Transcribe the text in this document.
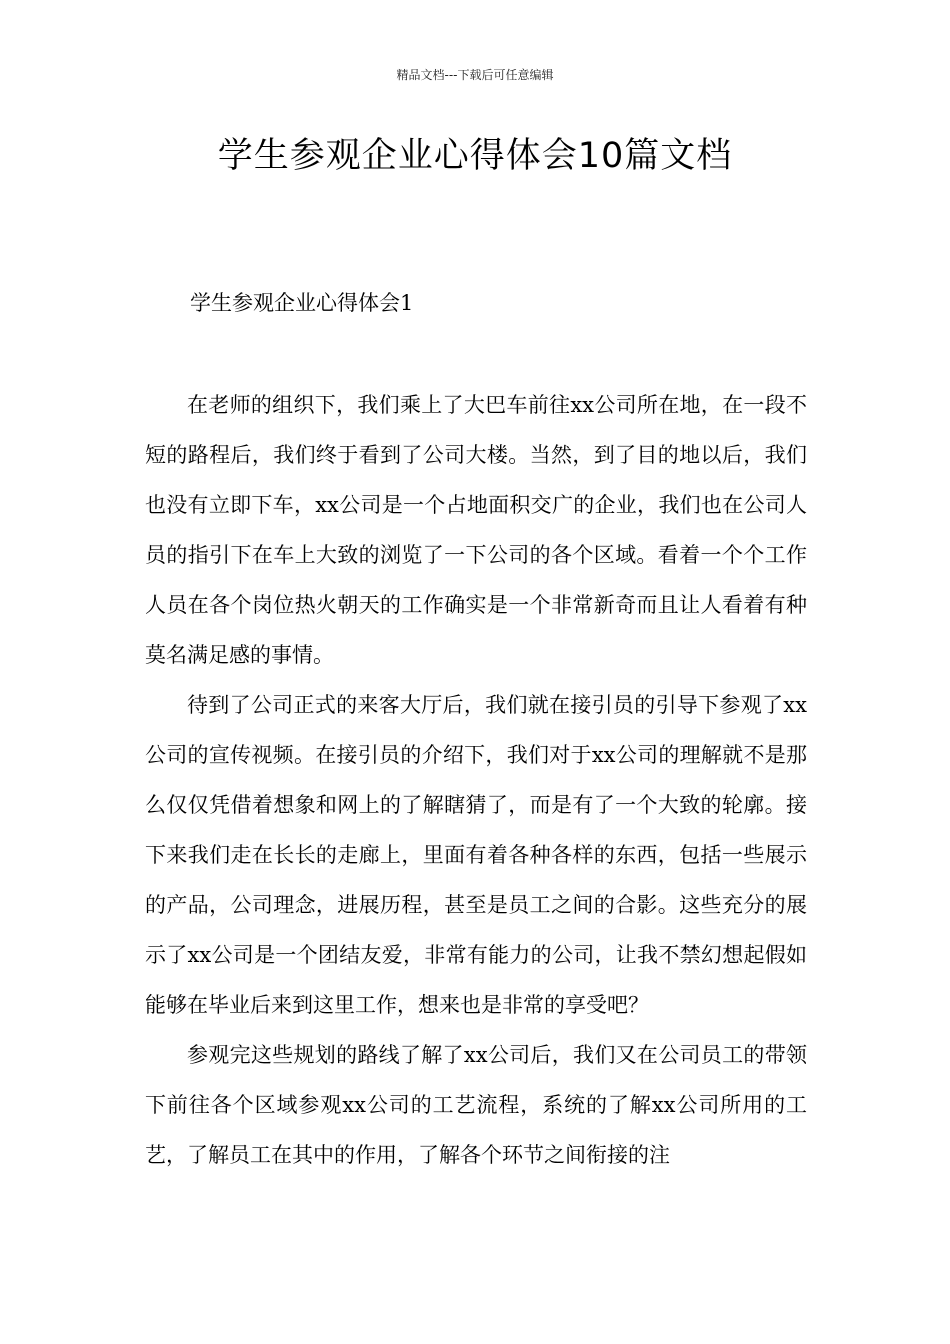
精品文档---下载后可任意编辑
学生参观企业心得体会10篇文档
学生参观企业心得体会1

在老师的组织下，我们乘上了大巴车前往xx公司所在地，在一段不短的路程后，我们终于看到了公司大楼。当然，到了目的地以后，我们也没有立即下车，xx公司是一个占地面积交广的企业，我们也在公司人员的指引下在车上大致的浏览了一下公司的各个区域。看着一个个工作人员在各个岗位热火朝天的工作确实是一个非常新奇而且让人看着有种莫名满足感的事情。

待到了公司正式的来客大厅后，我们就在接引员的引导下参观了xx公司的宣传视频。在接引员的介绍下，我们对于xx公司的理解就不是那么仅仅凭借着想象和网上的了解瞎猜了，而是有了一个大致的轮廓。接下来我们走在长长的走廊上，里面有着各种各样的东西，包括一些展示的产品，公司理念，进展历程，甚至是员工之间的合影。这些充分的展示了xx公司是一个团结友爱，非常有能力的公司，让我不禁幻想起假如能够在毕业后来到这里工作，想来也是非常的享受吧？

参观完这些规划的路线了解了xx公司后，我们又在公司员工的带领下前往各个区域参观xx公司的工艺流程，系统的了解xx公司所用的工艺，了解员工在其中的作用，了解各个环节之间衔接的注
